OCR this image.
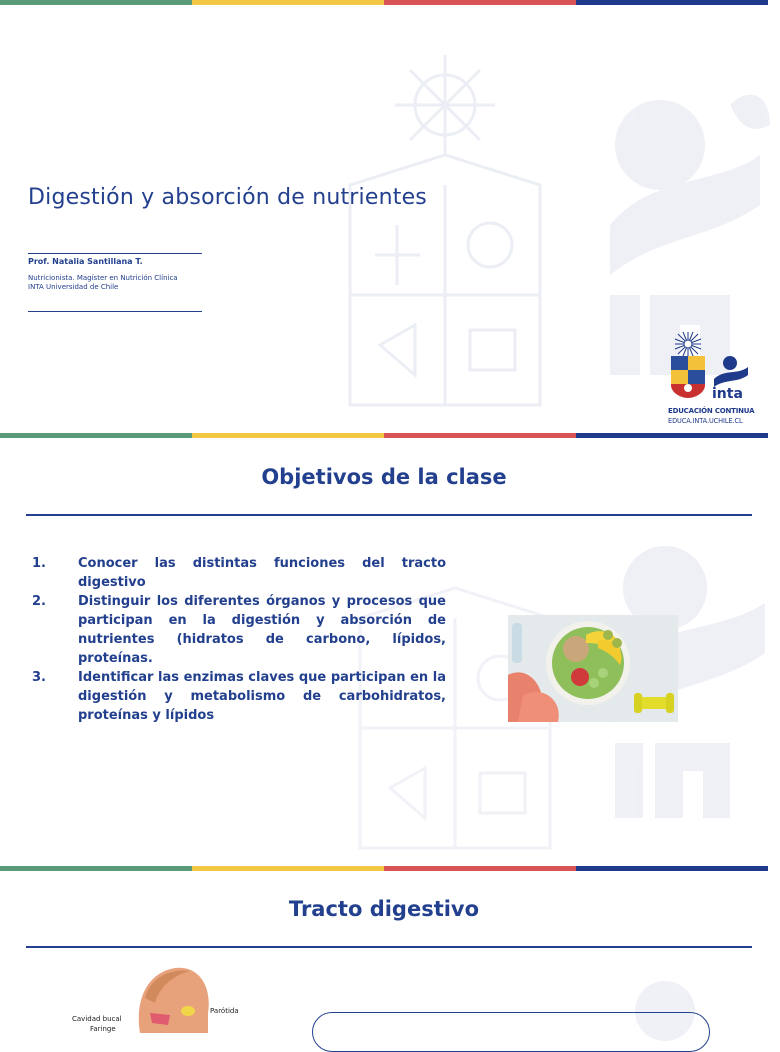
Digestión y absorción de nutrientes
Prof. Natalia Santillana T.
Nutricionista. Magíster en Nutrición Clínica
INTA Universidad de Chile
inta
EDUCACIÓN CONTINUA
EDUCA.INTA.UCHILE.CL
Objetivos de la clase
1.	Conocer las distintas funciones del tracto digestivo
2.	Distinguir los diferentes órganos y procesos que participan en la digestión y absorción de nutrientes (hidratos de carbono, lípidos, proteínas.
3.	Identificar las enzimas claves que participan en la digestión y metabolismo de carbohidratos, proteínas y lípidos
Tracto digestivo
Parótida
Cavidad bucal
Faringe
